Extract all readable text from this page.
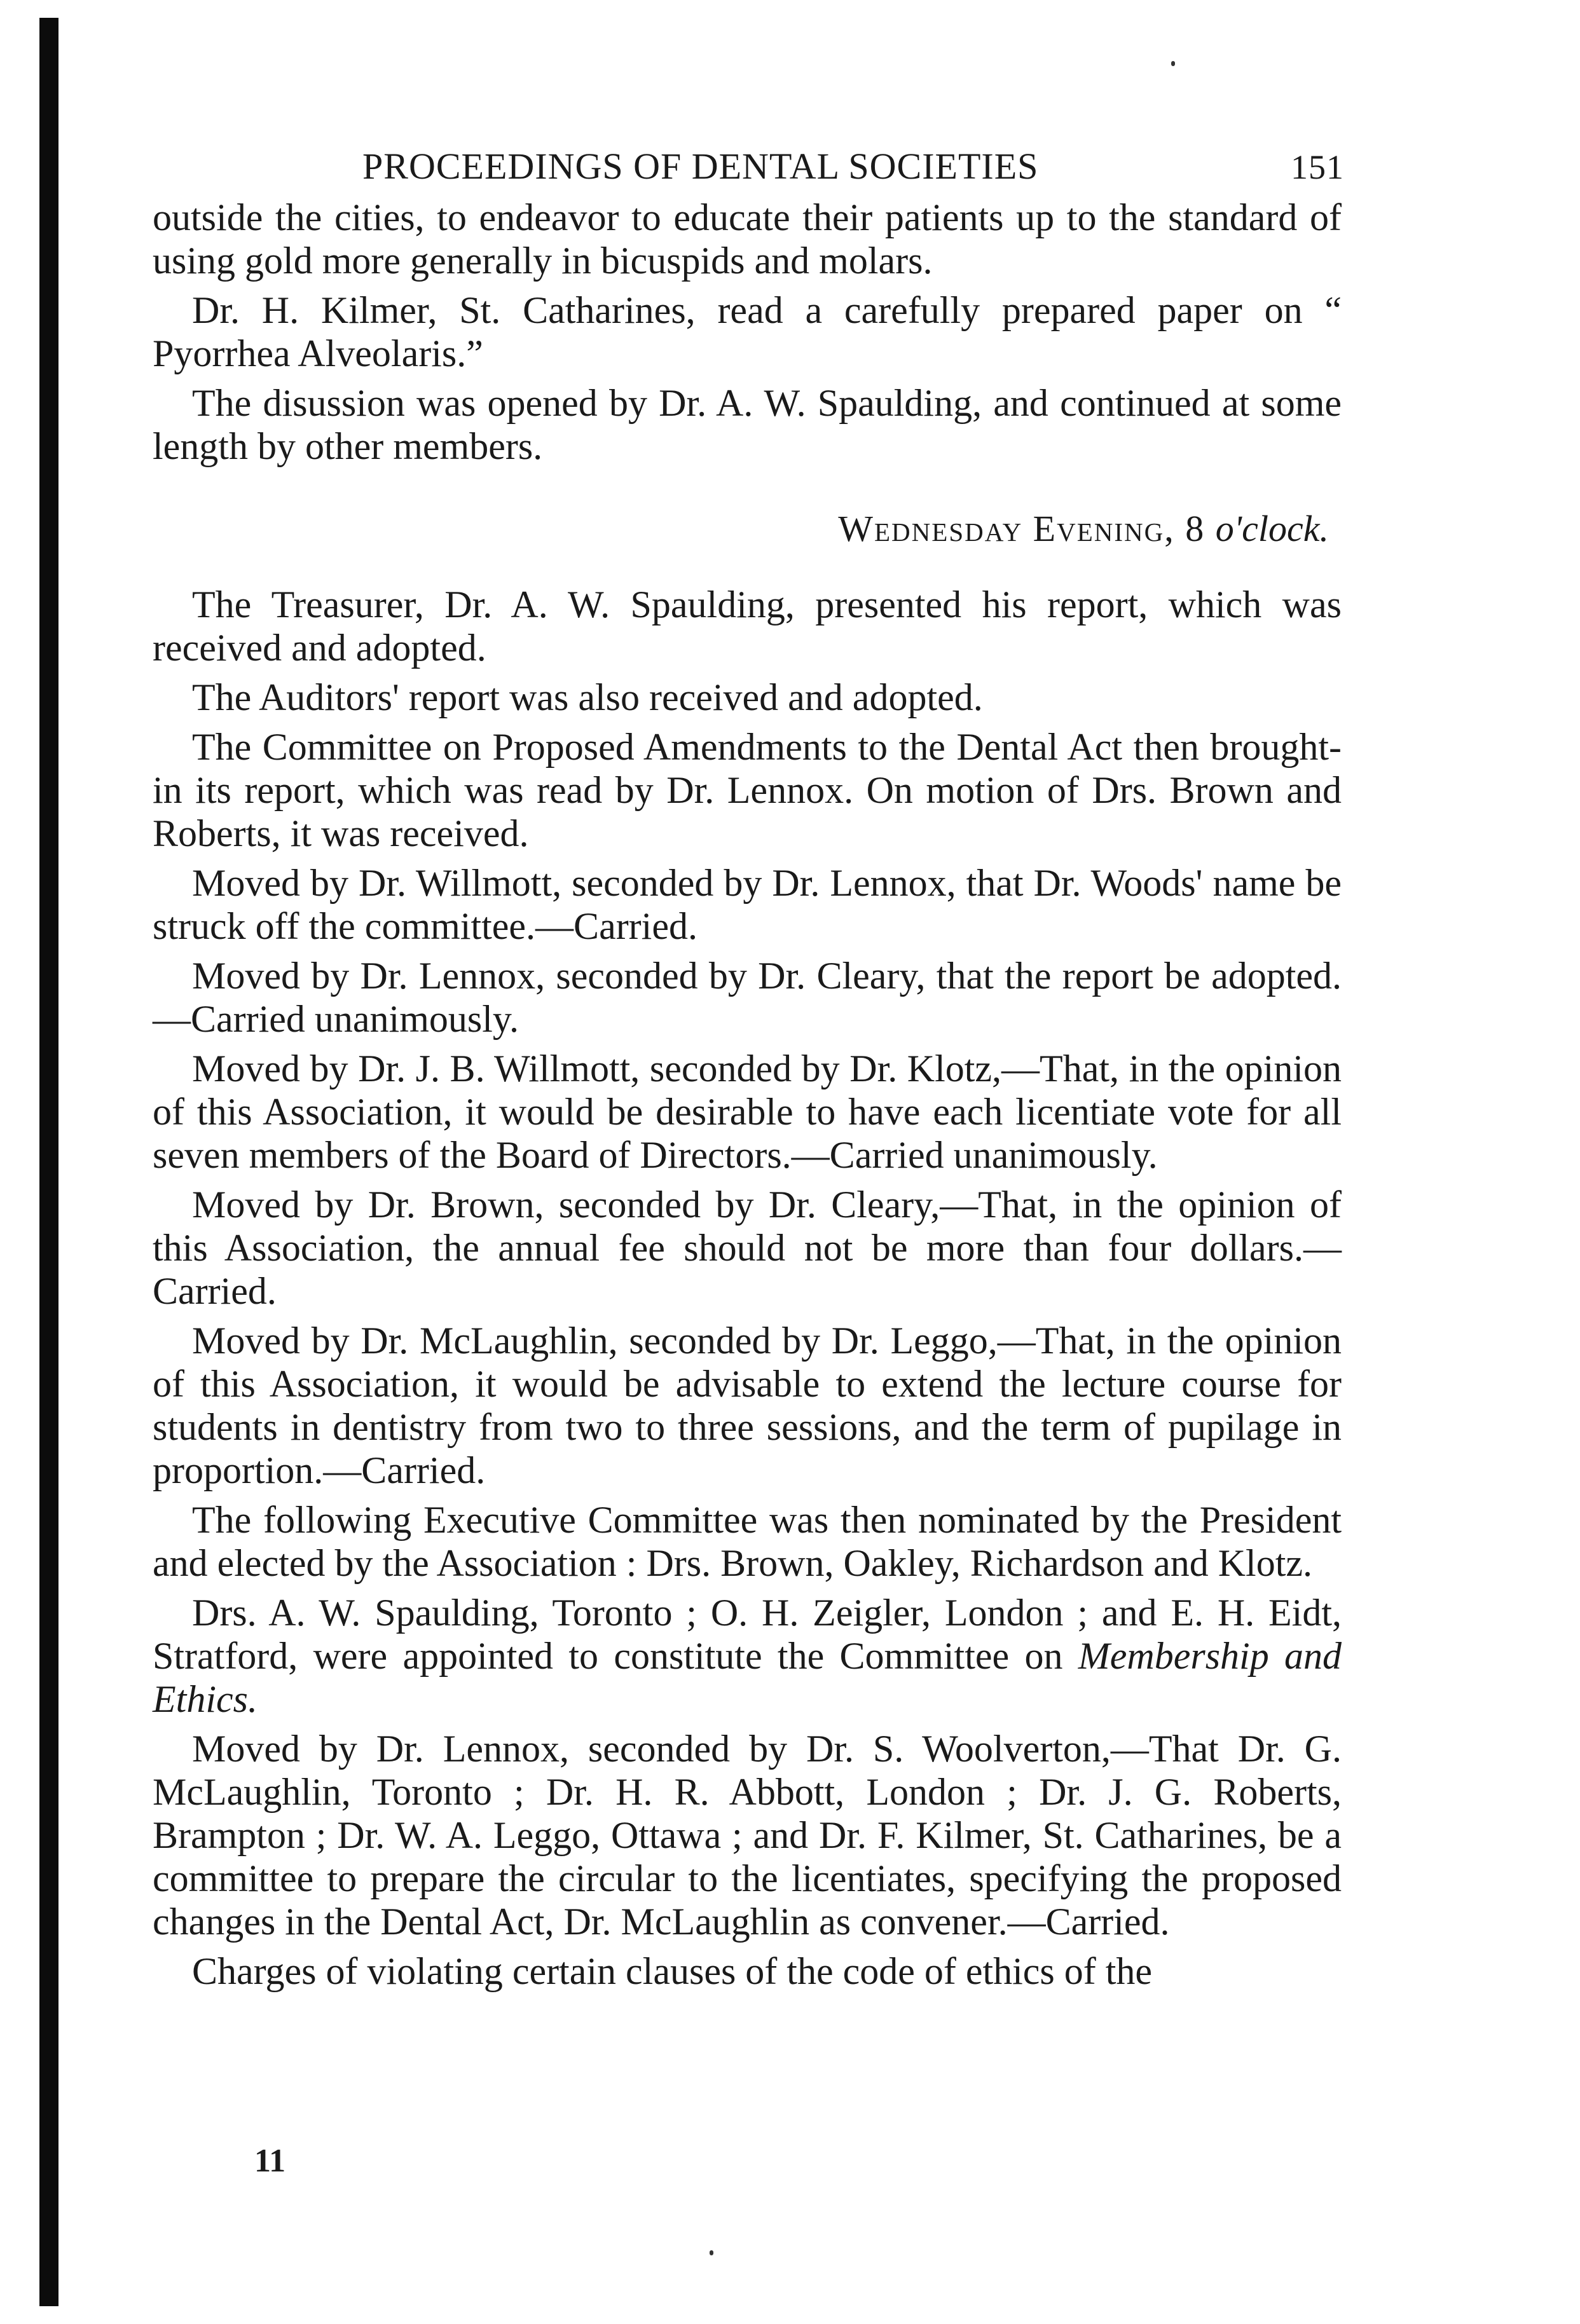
PROCEEDINGS OF DENTAL SOCIETIES	151

outside the cities, to endeavor to educate their patients up to the standard of using gold more generally in bicuspids and molars.

Dr. H. Kilmer, St. Catharines, read a carefully prepared paper on “ Pyorrhea Alveolaris.”

The disussion was opened by Dr. A. W. Spaulding, and continued at some length by other members.

Wednesday Evening, 8 o'clock.

The Treasurer, Dr. A. W. Spaulding, presented his report, which was received and adopted.

The Auditors' report was also received and adopted.

The Committee on Proposed Amendments to the Dental Act then brought-in its report, which was read by Dr. Lennox. On motion of Drs. Brown and Roberts, it was received.

Moved by Dr. Willmott, seconded by Dr. Lennox, that Dr. Woods' name be struck off the committee.—Carried.

Moved by Dr. Lennox, seconded by Dr. Cleary, that the report be adopted.—Carried unanimously.

Moved by Dr. J. B. Willmott, seconded by Dr. Klotz,—That, in the opinion of this Association, it would be desirable to have each licentiate vote for all seven members of the Board of Directors.—Carried unanimously.

Moved by Dr. Brown, seconded by Dr. Cleary,—That, in the opinion of this Association, the annual fee should not be more than four dollars.—Carried.

Moved by Dr. McLaughlin, seconded by Dr. Leggo,—That, in the opinion of this Association, it would be advisable to extend the lecture course for students in dentistry from two to three sessions, and the term of pupilage in proportion.—Carried.

The following Executive Committee was then nominated by the President and elected by the Association : Drs. Brown, Oakley, Richardson and Klotz.

Drs. A. W. Spaulding, Toronto ; O. H. Zeigler, London ; and E. H. Eidt, Stratford, were appointed to constitute the Committee on Membership and Ethics.

Moved by Dr. Lennox, seconded by Dr. S. Woolverton,—That Dr. G. McLaughlin, Toronto ; Dr. H. R. Abbott, London ; Dr. J. G. Roberts, Brampton ; Dr. W. A. Leggo, Ottawa ; and Dr. F. Kilmer, St. Catharines, be a committee to prepare the circular to the licentiates, specifying the proposed changes in the Dental Act, Dr. McLaughlin as convener.—Carried.

Charges of violating certain clauses of the code of ethics of the

11
